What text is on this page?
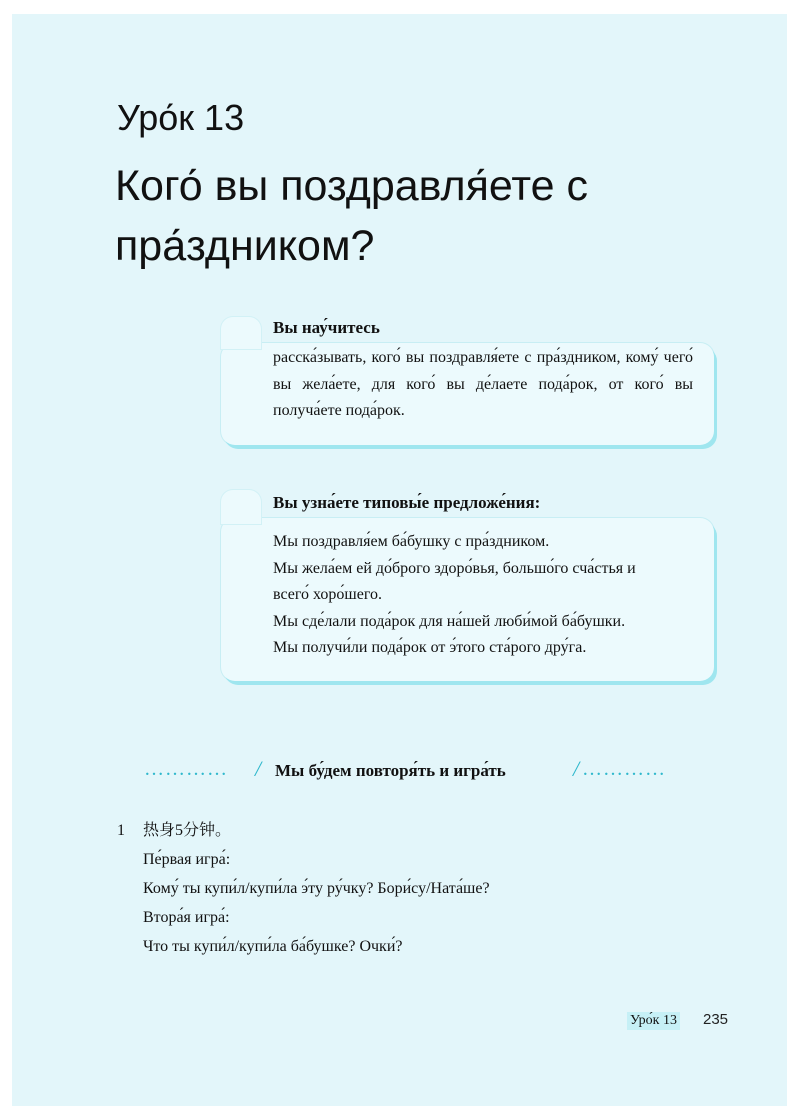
Уро́к 13
Кого́ вы поздравля́ете с пра́здником?
Вы нау́читесь
расска́зывать, кого́ вы поздравля́ете с пра́здником, кому́ чего́ вы жела́ете, для кого́ вы де́лаете пода́рок, от кого́ вы получа́ете пода́рок.
Вы узна́ете типовы́е предложе́ния:
Мы поздравля́ем ба́бушку с пра́здником.
Мы жела́ем ей до́брого здоро́вья, большо́го сча́стья и
всего́ хоро́шего.
Мы сде́лали пода́рок для на́шей люби́мой ба́бушки.
Мы получи́ли пода́рок от э́того ста́рого дру́га.
………… / Мы бу́дем повторя́ть и игра́ть	/ …………
1 热身5分钟。
Пе́рвая игра́:
Кому́ ты купи́л/купи́ла э́ту ру́чку? Бори́су/Ната́ше?
Втора́я игра́:
Что ты купи́л/купи́ла ба́бушке? Очки́?
Уро́к 13 235
